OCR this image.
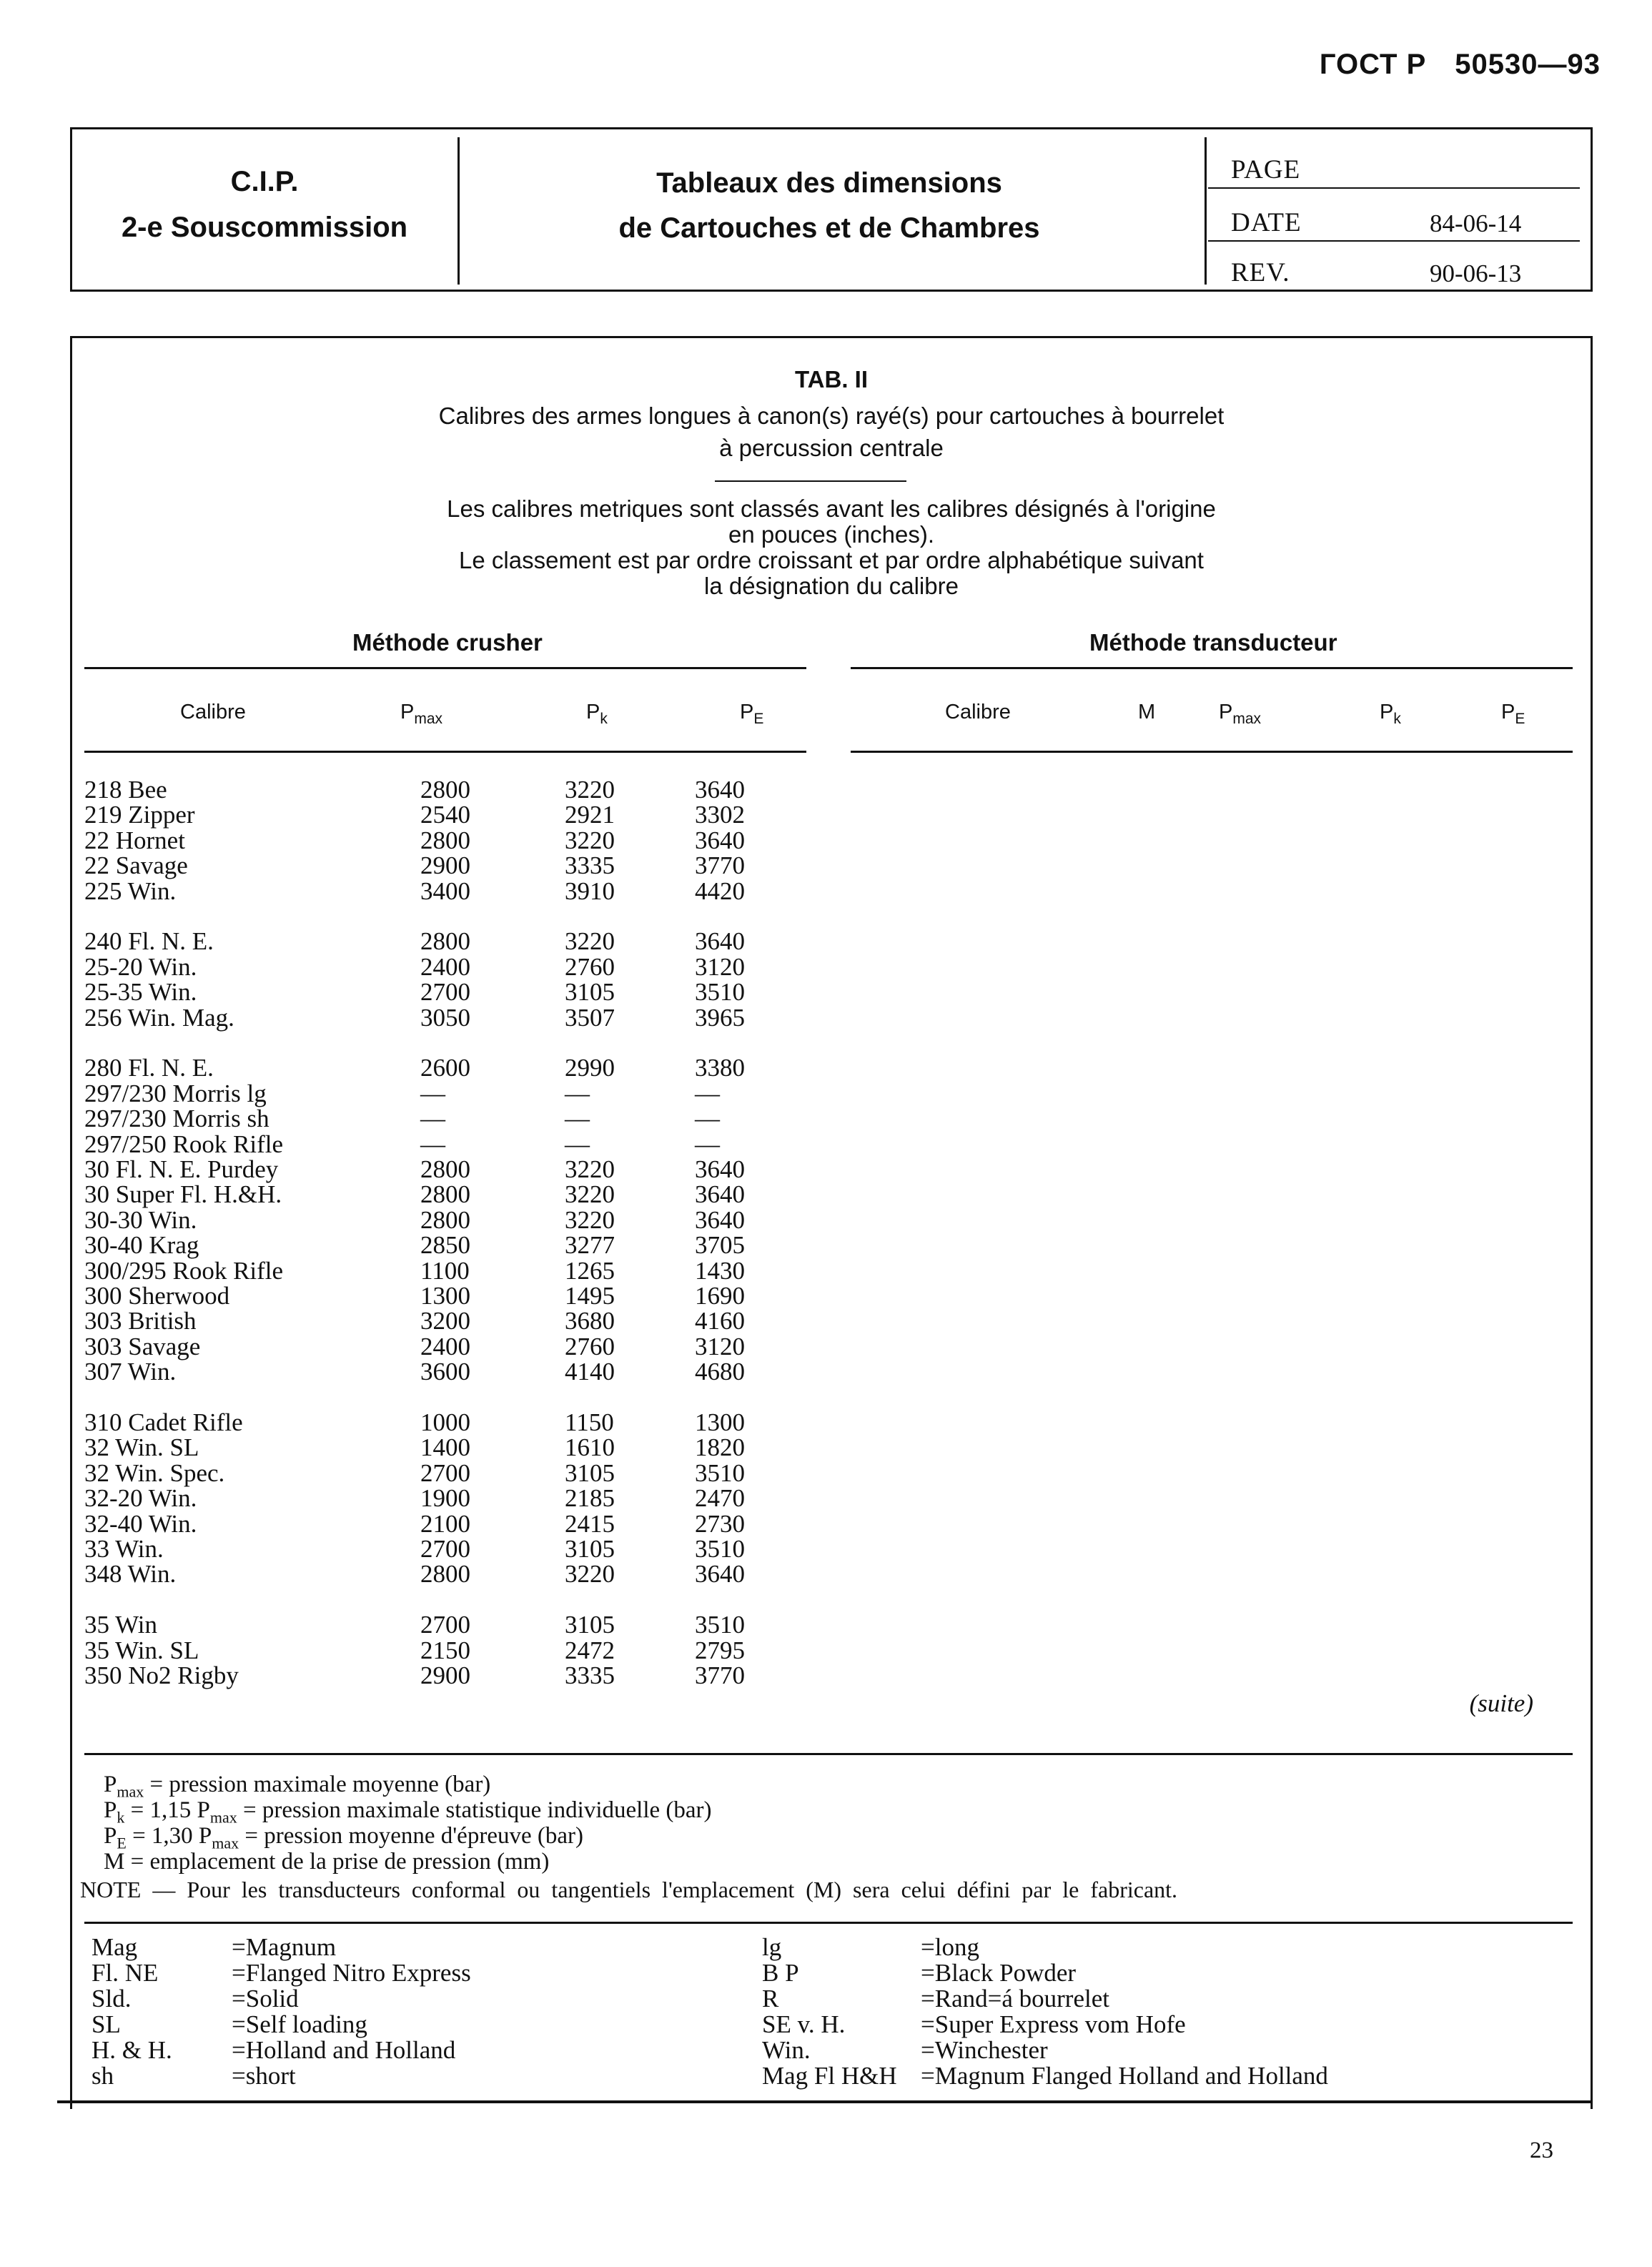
ГОСТ Р 50530—93
C.I.P.
2-e Souscommission
Tableaux des dimensions
de Cartouches et de Chambres
PAGE
DATE	84-06-14
REV.	90-06-13
TAB. II
Calibres des armes longues à canon(s) rayé(s) pour cartouches à bourrelet
à percussion centrale
Les calibres metriques sont classés avant les calibres désignés à l'origine
en pouces (inches).
Le classement est par ordre croissant et par ordre alphabétique suivant
la désignation du calibre
Méthode crusher	Méthode transducteur
Calibre	$P_{max}$	$P_k$	$P_E$	Calibre	M	$P_{max}$	$P_k$	$P_E$
218 Bee	2800	3220	3640
219 Zipper	2540	2921	3302
22 Hornet	2800	3220	3640
22 Savage	2900	3335	3770
225 Win.	3400	3910	4420
240 Fl. N. E.	2800	3220	3640
25-20 Win.	2400	2760	3120
25-35 Win.	2700	3105	3510
256 Win. Mag.	3050	3507	3965
280 Fl. N. E.	2600	2990	3380
297/230 Morris lg	—	—	—
297/230 Morris sh	—	—	—
297/250 Rook Rifle	—	—	—
30 Fl. N. E. Purdey	2800	3220	3640
30 Super Fl. H.&H.	2800	3220	3640
30-30 Win.	2800	3220	3640
30-40 Krag	2850	3277	3705
300/295 Rook Rifle	1100	1265	1430
300 Sherwood	1300	1495	1690
303 British	3200	3680	4160
303 Savage	2400	2760	3120
307 Win.	3600	4140	4680
310 Cadet Rifle	1000	1150	1300
32 Win. SL	1400	1610	1820
32 Win. Spec.	2700	3105	3510
32-20 Win.	1900	2185	2470
32-40 Win.	2100	2415	2730
33 Win.	2700	3105	3510
348 Win.	2800	3220	3640
35 Win	2700	3105	3510
35 Win. SL	2150	2472	2795
350 No2 Rigby	2900	3335	3770
(suite)
$P_{max}$ = pression maximale moyenne (bar)
$P_k = 1,15$ $P_{max}$ = pression maximale statistique individuelle (bar)
$P_E = 1,30$ $P_{max}$ = pression moyenne d'épreuve (bar)
M = emplacement de la prise de pression (mm)
NOTE — Pour les transducteurs conformal ou tangentiels l'emplacement (M) sera celui défini par le fabricant.
Mag	=Magnum
Fl. NE	=Flanged Nitro Express
Sld.	=Solid
SL	=Self loading
H. & H. =Holland and Holland
sh	=short
lg	=long
B P	=Black Powder
R	=Rand=á bourrelet
SE v. H.	=Super Express vom Hofe
Win.	=Winchester
Mag Fl H&H =Magnum Flanged Holland and Holland
23
